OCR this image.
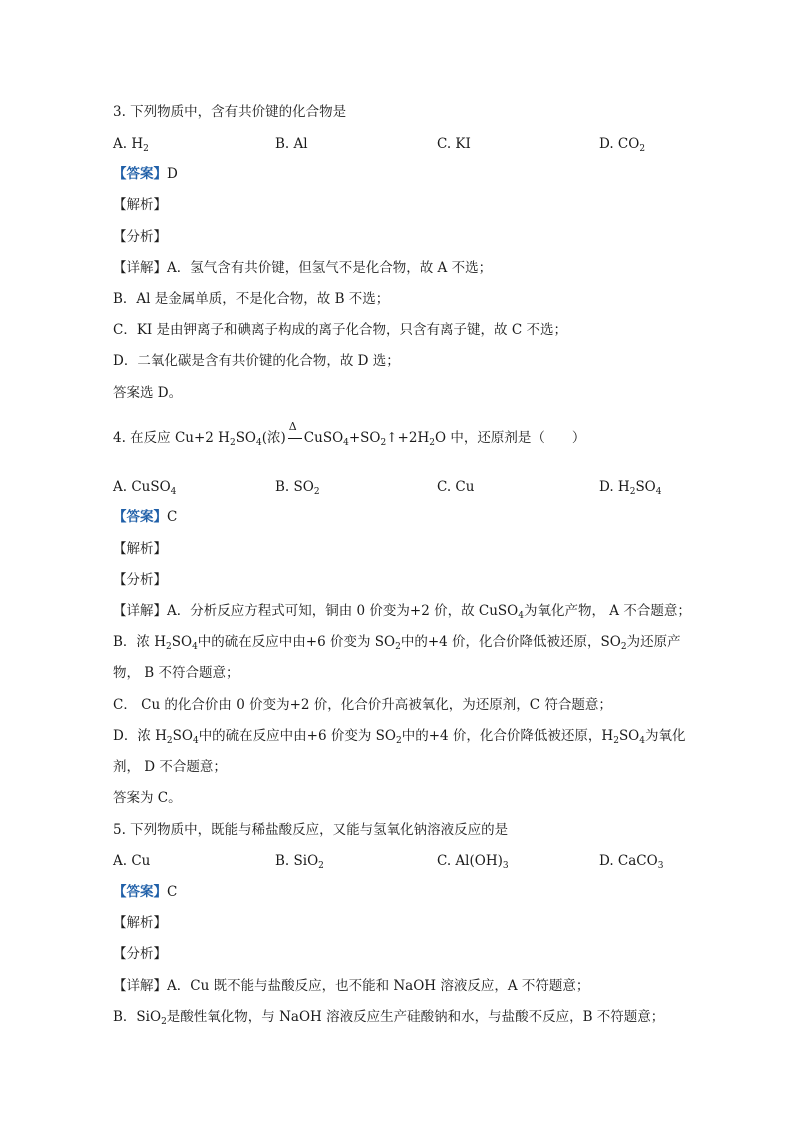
3. 下列物质中，含有共价键的化合物是
A. $H_2$	B. Al	C. KI	D. $CO_2$
【答案】D
【解析】
【分析】
【详解】A．氢气含有共价键，但氢气不是化合物，故 A 不选；
B．Al 是金属单质，不是化合物，故 B 不选；
C．KI 是由钾离子和碘离子构成的离子化合物，只含有离子键，故 C 不选；
D．二氧化碳是含有共价键的化合物，故 D 选；
答案选 D。
4. 在反应 Cu+2 $H_2SO_4$(浓)
Δ
$CuSO_4+SO_2↑+2H_2O$ 中，还原剂是（　　）
A. CuSO$_4$	B. $SO_2$	C. Cu	D. $H_2SO_4$
【答案】C
【解析】
【分析】
【详解】A．分析反应方程式可知，铜由 0 价变为+2 价，故 CuSO$_4$为氧化产物， A 不合题意；
B．浓 $H_2SO_4$中的硫在反应中由+6 价变为 $SO_2$中的+4 价，化合价降低被还原，$SO_2$为还原产
物， B 不符合题意；
C． Cu 的化合价由 0 价变为+2 价，化合价升高被氧化，为还原剂，C 符合题意；
D．浓 $H_2SO_4$中的硫在反应中由+6 价变为 $SO_2$中的+4 价，化合价降低被还原，$H_2SO_4$为氧化
剂， D 不合题意；
答案为 C。
5. 下列物质中，既能与稀盐酸反应，又能与氢氧化钠溶液反应的是
A. Cu	B. SiO$_2$	C. $Al(OH)_3$	D. CaCO$_3$
【答案】C
【解析】
【分析】
【详解】A．Cu 既不能与盐酸反应，也不能和 NaOH 溶液反应，A 不符题意；
B．SiO$_2$是酸性氧化物，与 NaOH 溶液反应生产硅酸钠和水，与盐酸不反应，B 不符题意；
